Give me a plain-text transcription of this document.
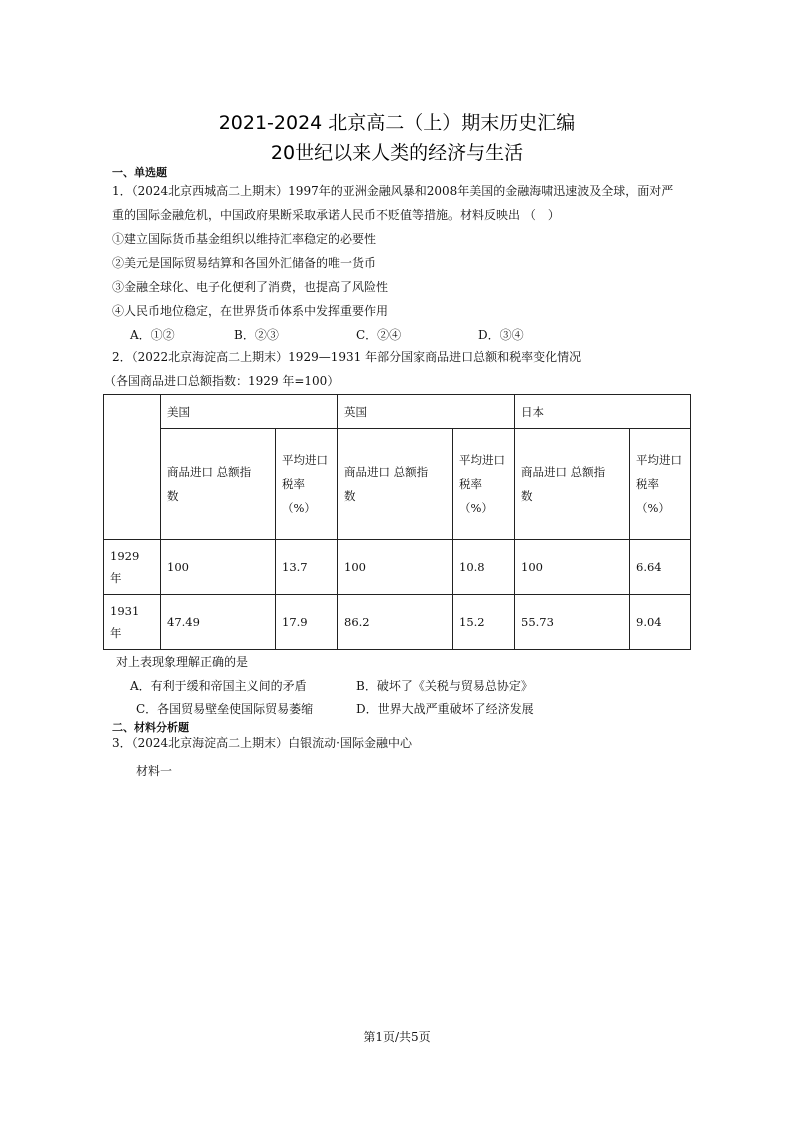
2021-2024 北京高二（上）期末历史汇编
20世纪以来人类的经济与生活
一、单选题
1．（2024北京西城高二上期末）1997年的亚洲金融风暴和2008年美国的金融海啸迅速波及全球，面对严
重的国际金融危机，中国政府果断采取承诺人民币不贬值等措施。材料反映出 （　）
①建立国际货币基金组织以维持汇率稳定的必要性
②美元是国际贸易结算和各国外汇储备的唯一货币
③金融全球化、电子化便利了消费，也提高了风险性
④人民币地位稳定，在世界货币体系中发挥重要作用
A．①②	B．②③	C．②④	D．③④
2．（2022北京海淀高二上期末）1929—1931 年部分国家商品进口总额和税率变化情况
（各国商品进口总额指数：1929 年=100）
	美国		英国		日本	
	商品进口 总额指数	平均进口税率（%）	商品进口 总额指数	平均进口税率（%）	商品进口 总额指数	平均进口税率（%）
1929年	100	13.7	100	10.8	100	6.64
1931年	47.49	17.9	86.2	15.2	55.73	9.04
对上表现象理解正确的是
A．有利于缓和帝国主义间的矛盾	B．破坏了《关税与贸易总协定》
C．各国贸易壁垒使国际贸易萎缩	D．世界大战严重破坏了经济发展
二、材料分析题
3．（2024北京海淀高二上期末）白银流动·国际金融中心
材料一
第1页/共5页
